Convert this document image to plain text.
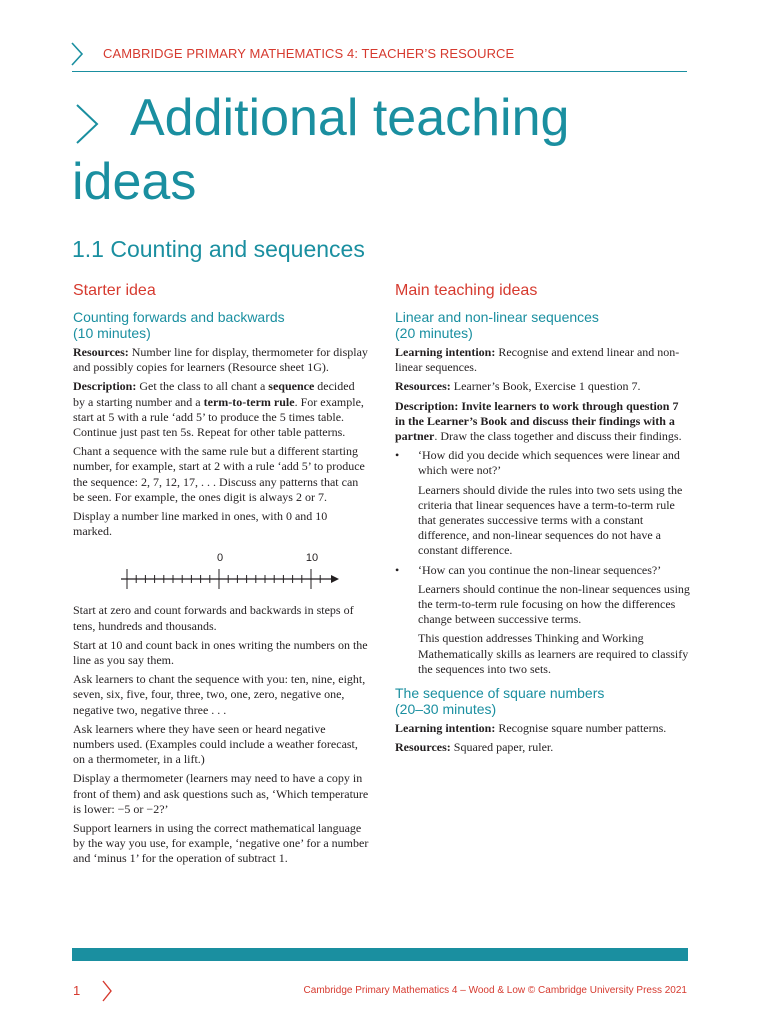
CAMBRIDGE PRIMARY MATHEMATICS 4: TEACHER’S RESOURCE
Additional teaching ideas
1.1 Counting and sequences
Starter idea
Counting forwards and backwards
(10 minutes)

Resources: Number line for display, thermometer for display and possibly copies for learners (Resource sheet 1G).

Description: Get the class to all chant a sequence decided by a starting number and a term-to-term rule. For example, start at 5 with a rule ‘add 5’ to produce the 5 times table. Continue just past ten 5s. Repeat for other table patterns.

Chant a sequence with the same rule but a different starting number, for example, start at 2 with a rule ‘add 5’ to produce the sequence: 2, 7, 12, 17, . . . Discuss any patterns that can be seen. For example, the ones digit is always 2 or 7.

Display a number line marked in ones, with 0 and 10 marked.

0	10

Start at zero and count forwards and backwards in steps of tens, hundreds and thousands.

Start at 10 and count back in ones writing the numbers on the line as you say them.

Ask learners to chant the sequence with you: ten, nine, eight, seven, six, five, four, three, two, one, zero, negative one, negative two, negative three . . .

Ask learners where they have seen or heard negative numbers used. (Examples could include a weather forecast, on a thermometer, in a lift.)

Display a thermometer (learners may need to have a copy in front of them) and ask questions such as, ‘Which temperature is lower: −5 or −2?’

Support learners in using the correct mathematical language by the way you use, for example, ‘negative one’ for a number and ‘minus 1’ for the operation of subtract 1.

Main teaching ideas
Linear and non-linear sequences
(20 minutes)

Learning intention: Recognise and extend linear and non-linear sequences.

Resources: Learner’s Book, Exercise 1 question 7.

Description: Invite learners to work through question 7 in the Learner’s Book and discuss their findings with a partner. Draw the class together and discuss their findings.

• ‘How did you decide which sequences were linear and which were not?’

Learners should divide the rules into two sets using the criteria that linear sequences have a term-to-term rule that generates successive terms with a constant difference, and non-linear sequences do not have a constant difference.

• ‘How can you continue the non-linear sequences?’

Learners should continue the non-linear sequences using the term-to-term rule focusing on how the differences change between successive terms.

This question addresses Thinking and Working Mathematically skills as learners are required to classify the sequences into two sets.

The sequence of square numbers
(20–30 minutes)

Learning intention: Recognise square number patterns.

Resources: Squared paper, ruler.

1	Cambridge Primary Mathematics 4 – Wood & Low © Cambridge University Press 2021
